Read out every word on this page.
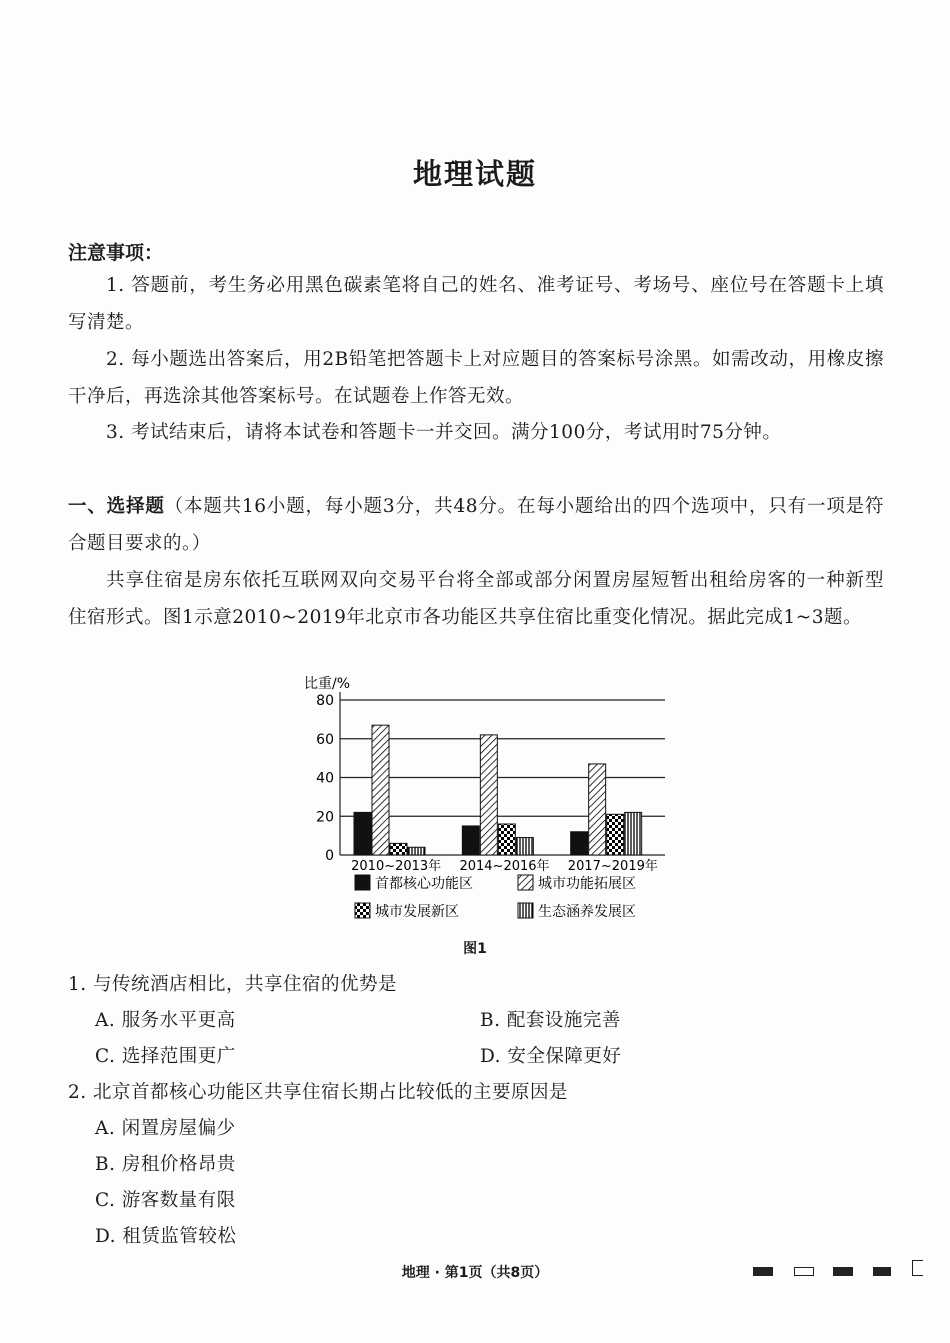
地理试题
注意事项：
1. 答题前，考生务必用黑色碳素笔将自己的姓名、准考证号、考场号、座位号在答题卡上填写清楚。
2. 每小题选出答案后，用2B铅笔把答题卡上对应题目的答案标号涂黑。如需改动，用橡皮擦干净后，再选涂其他答案标号。在试题卷上作答无效。
3. 考试结束后，请将本试卷和答题卡一并交回。满分100分，考试用时75分钟。
一、选择题（本题共16小题，每小题3分，共48分。在每小题给出的四个选项中，只有一项是符合题目要求的。）
共享住宿是房东依托互联网双向交易平台将全部或部分闲置房屋短暂出租给房客的一种新型住宿形式。图1示意2010~2019年北京市各功能区共享住宿比重变化情况。据此完成1~3题。
比重/%
0
20
40
60
80
2010~2013年 2014~2016年 2017~2019年
首都核心功能区	城市功能拓展区
城市发展新区	生态涵养发展区
图1
1. 与传统酒店相比，共享住宿的优势是
A. 服务水平更高	B. 配套设施完善
C. 选择范围更广	D. 安全保障更好
2. 北京首都核心功能区共享住宿长期占比较低的主要原因是
A. 闲置房屋偏少
B. 房租价格昂贵
C. 游客数量有限
D. 租赁监管较松
地理 · 第1页（共8页）
